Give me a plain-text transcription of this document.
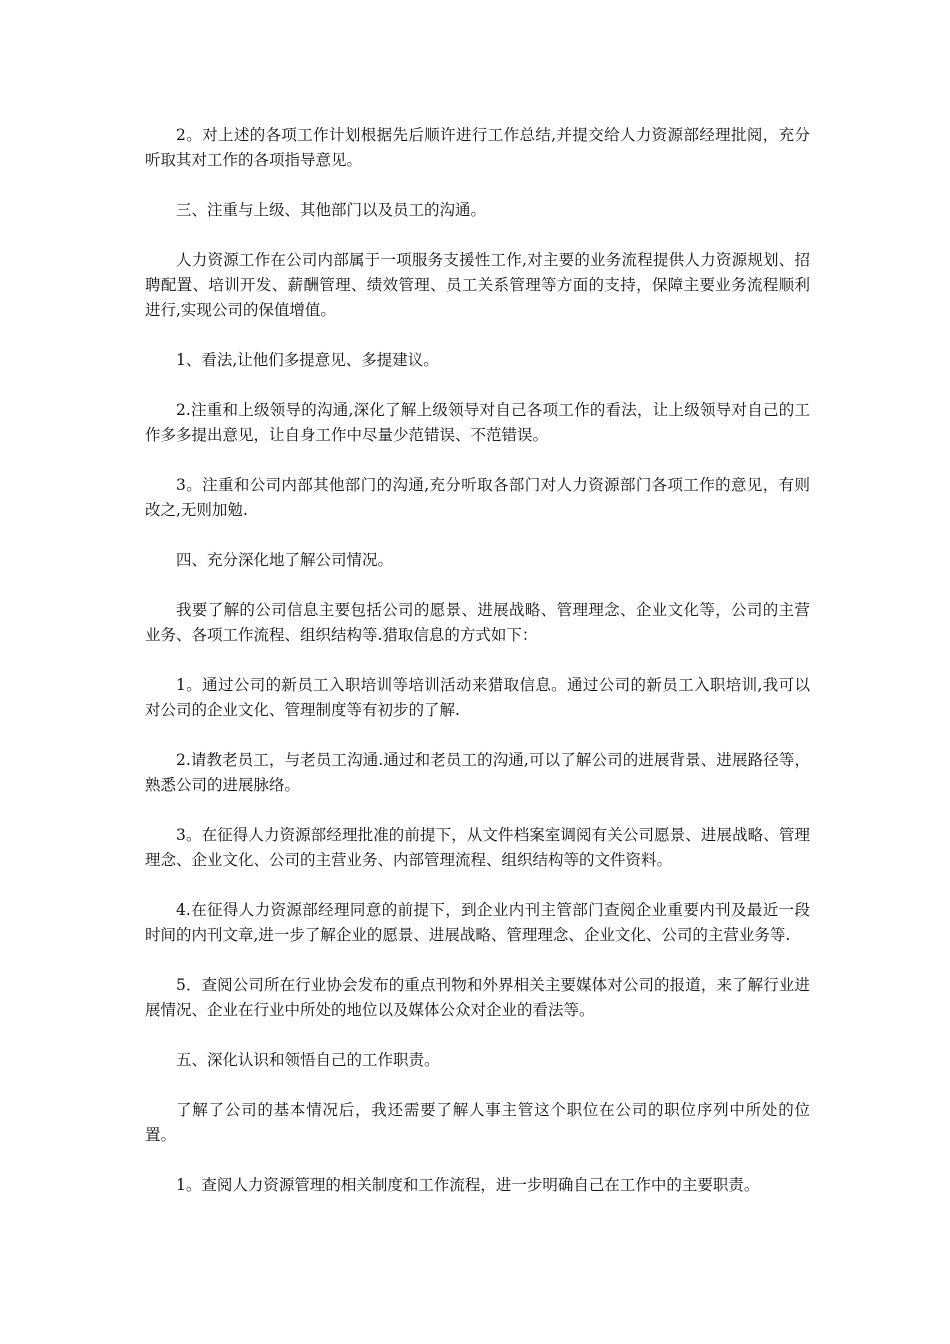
2。对上述的各项工作计划根据先后顺许进行工作总结,并提交给人力资源部经理批阅，充分听取其对工作的各项指导意见。

三、注重与上级、其他部门以及员工的沟通。

人力资源工作在公司内部属于一项服务支援性工作,对主要的业务流程提供人力资源规划、招聘配置、培训开发、薪酬管理、绩效管理、员工关系管理等方面的支持，保障主要业务流程顺利进行,实现公司的保值增值。

1、看法,让他们多提意见、多提建议。

2.注重和上级领导的沟通,深化了解上级领导对自己各项工作的看法，让上级领导对自己的工作多多提出意见，让自身工作中尽量少范错误、不范错误。

3。注重和公司内部其他部门的沟通,充分听取各部门对人力资源部门各项工作的意见，有则改之,无则加勉.

四、充分深化地了解公司情况。

我要了解的公司信息主要包括公司的愿景、进展战略、管理理念、企业文化等，公司的主营业务、各项工作流程、组织结构等.猎取信息的方式如下：

1。通过公司的新员工入职培训等培训活动来猎取信息。通过公司的新员工入职培训,我可以对公司的企业文化、管理制度等有初步的了解.

2.请教老员工，与老员工沟通.通过和老员工的沟通,可以了解公司的进展背景、进展路径等，熟悉公司的进展脉络。

3。在征得人力资源部经理批准的前提下，从文件档案室调阅有关公司愿景、进展战略、管理理念、企业文化、公司的主营业务、内部管理流程、组织结构等的文件资料。

4.在征得人力资源部经理同意的前提下，到企业内刊主管部门查阅企业重要内刊及最近一段时间的内刊文章,进一步了解企业的愿景、进展战略、管理理念、企业文化、公司的主营业务等.

5．查阅公司所在行业协会发布的重点刊物和外界相关主要媒体对公司的报道，来了解行业进展情况、企业在行业中所处的地位以及媒体公众对企业的看法等。

五、深化认识和领悟自己的工作职责。

了解了公司的基本情况后，我还需要了解人事主管这个职位在公司的职位序列中所处的位置。

1。查阅人力资源管理的相关制度和工作流程，进一步明确自己在工作中的主要职责。
